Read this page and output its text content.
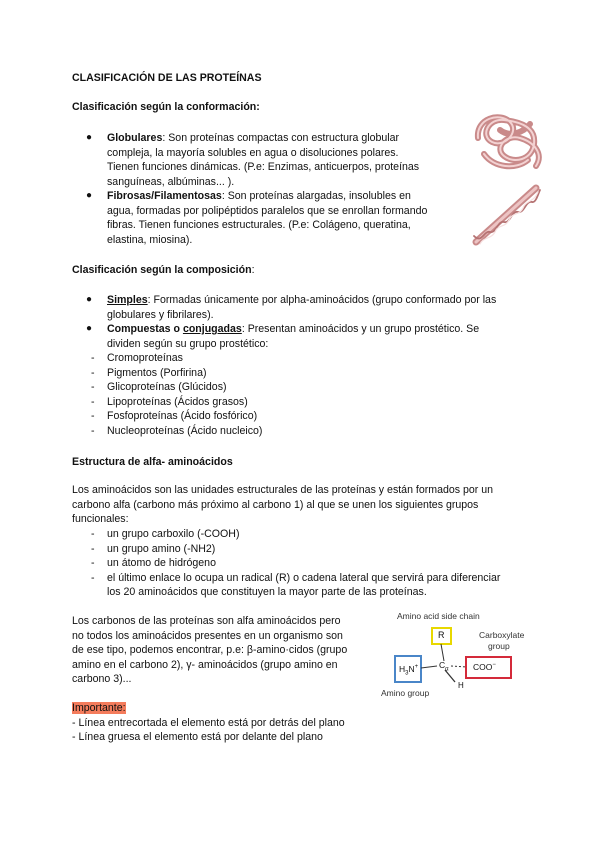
CLASIFICACIÓN DE LAS PROTEÍNAS
Clasificación según la conformación:
● Globulares: Son proteínas compactas con estructura globular
compleja, la mayoría solubles en agua o disoluciones polares.
Tienen funciones dinámicas. (P.e: Enzimas, anticuerpos, proteínas
sanguíneas, albúminas... ).
● Fibrosas/Filamentosas: Son proteínas alargadas, insolubles en
agua, formadas por polipéptidos paralelos que se enrollan formando
fibras. Tienen funciones estructurales. (P.e: Colágeno, queratina,
elastina, miosina).
Clasificación según la composición:
● Simples: Formadas únicamente por alpha-aminoácidos (grupo conformado por las
globulares y fibrilares).
● Compuestas o conjugadas: Presentan aminoácidos y un grupo prostético. Se
dividen según su grupo prostético:
- Cromoproteínas
- Pigmentos (Porfirina)
- Glicoproteínas (Glúcidos)
- Lipoproteínas (Ácidos grasos)
- Fosfoproteínas (Ácido fosfórico)
- Nucleoproteínas (Ácido nucleico)
Estructura de alfa- aminoácidos
Los aminoácidos son las unidades estructurales de las proteínas y están formados por un
carbono alfa (carbono más próximo al carbono 1) al que se unen los siguientes grupos
funcionales:
- un grupo carboxilo (-COOH)
- un grupo amino (-NH2)
- un átomo de hidrógeno
- el último enlace lo ocupa un radical (R) o cadena lateral que servirá para diferenciar
los 20 aminoácidos que constituyen la mayor parte de las proteínas.
Los carbonos de las proteínas son alfa aminoácidos pero
no todos los aminoácidos presentes en un organismo son
de ese tipo, podemos encontrar, p.e: β-amino·cidos (grupo
amino en el carbono 2), γ- aminoácidos (grupo amino en
carbono 3)...
Amino acid side chain
R	Carboxylate
group
$H_3N^+$ $C_\alpha$	COO−
H
Amino group
Importante:
- Línea entrecortada el elemento está por detrás del plano
- Línea gruesa el elemento está por delante del plano
